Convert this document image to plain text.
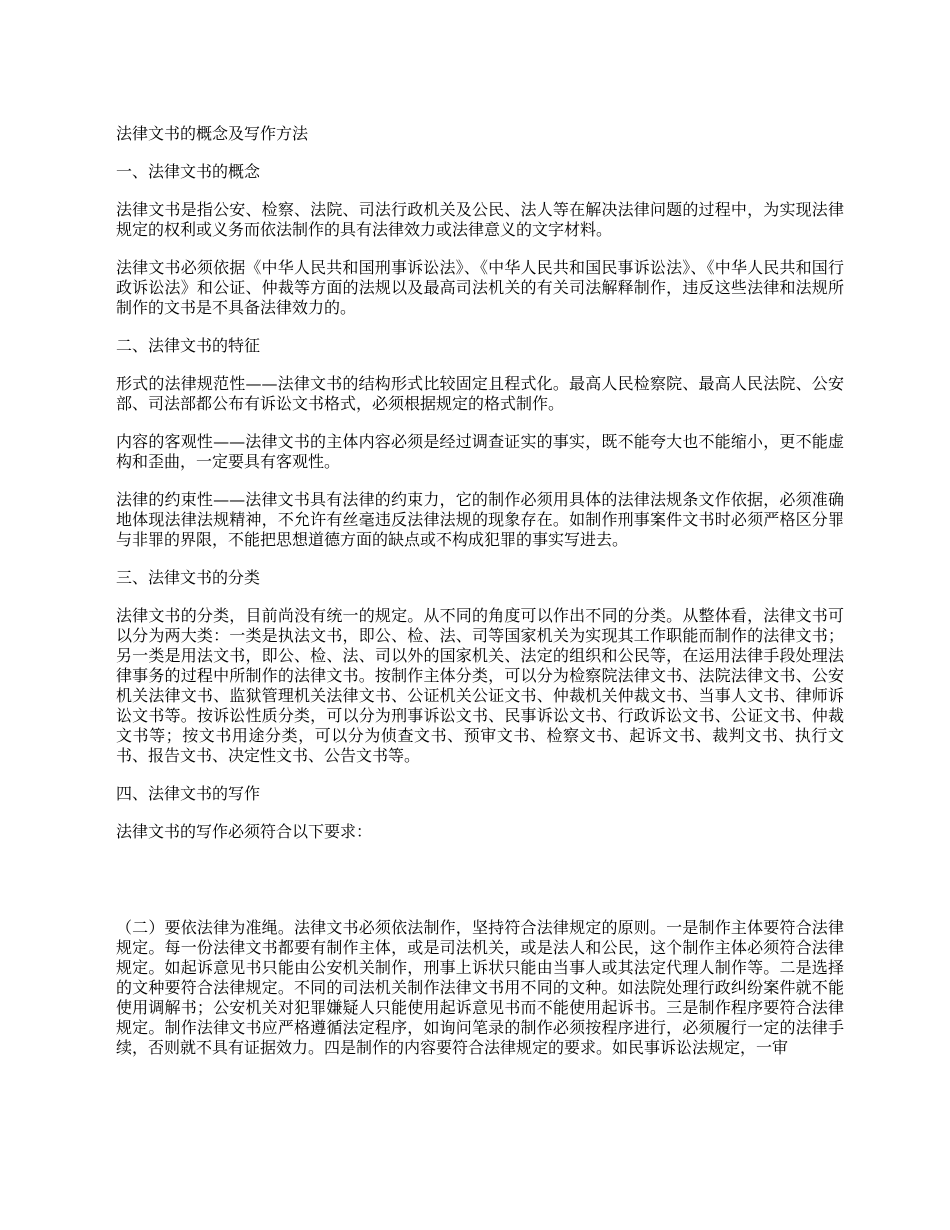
法律文书的概念及写作方法

一、法律文书的概念

法律文书是指公安、检察、法院、司法行政机关及公民、法人等在解决法律问题的过程中，为实现法律规定的权利或义务而依法制作的具有法律效力或法律意义的文字材料。

法律文书必须依据《中华人民共和国刑事诉讼法》、《中华人民共和国民事诉讼法》、《中华人民共和国行政诉讼法》和公证、仲裁等方面的法规以及最高司法机关的有关司法解释制作，违反这些法律和法规所制作的文书是不具备法律效力的。

二、法律文书的特征

形式的法律规范性——法律文书的结构形式比较固定且程式化。最高人民检察院、最高人民法院、公安部、司法部都公布有诉讼文书格式，必须根据规定的格式制作。

内容的客观性——法律文书的主体内容必须是经过调查证实的事实，既不能夸大也不能缩小，更不能虚构和歪曲，一定要具有客观性。

法律的约束性——法律文书具有法律的约束力，它的制作必须用具体的法律法规条文作依据，必须准确地体现法律法规精神，不允许有丝毫违反法律法规的现象存在。如制作刑事案件文书时必须严格区分罪与非罪的界限，不能把思想道德方面的缺点或不构成犯罪的事实写进去。

三、法律文书的分类

法律文书的分类，目前尚没有统一的规定。从不同的角度可以作出不同的分类。从整体看，法律文书可以分为两大类：一类是执法文书，即公、检、法、司等国家机关为实现其工作职能而制作的法律文书；另一类是用法文书，即公、检、法、司以外的国家机关、法定的组织和公民等，在运用法律手段处理法律事务的过程中所制作的法律文书。按制作主体分类，可以分为检察院法律文书、法院法律文书、公安机关法律文书、监狱管理机关法律文书、公证机关公证文书、仲裁机关仲裁文书、当事人文书、律师诉讼文书等。按诉讼性质分类，可以分为刑事诉讼文书、民事诉讼文书、行政诉讼文书、公证文书、仲裁文书等；按文书用途分类，可以分为侦查文书、预审文书、检察文书、起诉文书、裁判文书、执行文书、报告文书、决定性文书、公告文书等。

四、法律文书的写作

法律文书的写作必须符合以下要求：

（二）要依法律为准绳。法律文书必须依法制作，坚持符合法律规定的原则。一是制作主体要符合法律规定。每一份法律文书都要有制作主体，或是司法机关，或是法人和公民，这个制作主体必须符合法律规定。如起诉意见书只能由公安机关制作，刑事上诉状只能由当事人或其法定代理人制作等。二是选择的文种要符合法律规定。不同的司法机关制作法律文书用不同的文种。如法院处理行政纠纷案件就不能使用调解书；公安机关对犯罪嫌疑人只能使用起诉意见书而不能使用起诉书。三是制作程序要符合法律规定。制作法律文书应严格遵循法定程序，如询问笔录的制作必须按程序进行，必须履行一定的法律手续，否则就不具有证据效力。四是制作的内容要符合法律规定的要求。如民事诉讼法规定，一审
